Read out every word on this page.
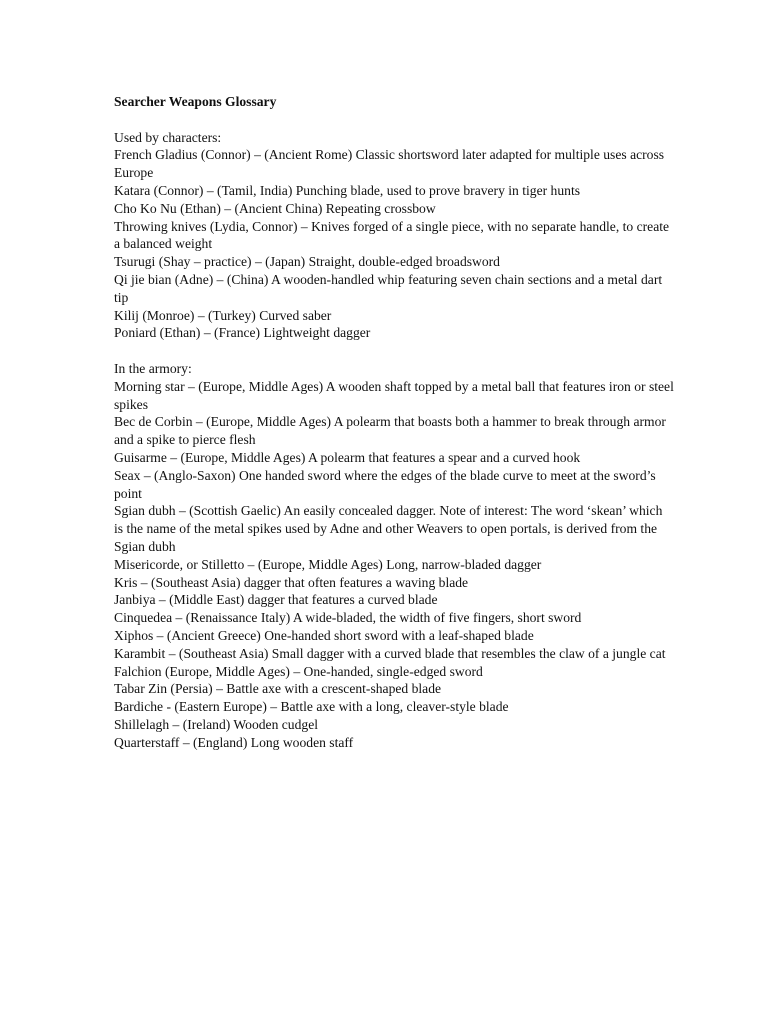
Searcher Weapons Glossary

Used by characters:

French Gladius (Connor) – (Ancient Rome) Classic shortsword later adapted for multiple uses across Europe

Katara (Connor) – (Tamil, India) Punching blade, used to prove bravery in tiger hunts

Cho Ko Nu (Ethan) – (Ancient China) Repeating crossbow

Throwing knives (Lydia, Connor) – Knives forged of a single piece, with no separate handle, to create a balanced weight

Tsurugi (Shay – practice) – (Japan) Straight, double-edged broadsword

Qi jie bian (Adne) – (China) A wooden-handled whip featuring seven chain sections and a metal dart tip

Kilij (Monroe) – (Turkey) Curved saber

Poniard (Ethan) – (France) Lightweight dagger

In the armory:

Morning star – (Europe, Middle Ages) A wooden shaft topped by a metal ball that features iron or steel spikes

Bec de Corbin – (Europe, Middle Ages) A polearm that boasts both a hammer to break through armor and a spike to pierce flesh

Guisarme – (Europe, Middle Ages) A polearm that features a spear and a curved hook

Seax – (Anglo-Saxon) One handed sword where the edges of the blade curve to meet at the sword’s point

Sgian dubh – (Scottish Gaelic) An easily concealed dagger. Note of interest: The word ‘skean’ which is the name of the metal spikes used by Adne and other Weavers to open portals, is derived from the Sgian dubh

Misericorde, or Stilletto – (Europe, Middle Ages) Long, narrow-bladed dagger

Kris – (Southeast Asia) dagger that often features a waving blade

Janbiya – (Middle East) dagger that features a curved blade

Cinquedea – (Renaissance Italy) A wide-bladed, the width of five fingers, short sword

Xiphos – (Ancient Greece) One-handed short sword with a leaf-shaped blade

Karambit – (Southeast Asia) Small dagger with a curved blade that resembles the claw of a jungle cat

Falchion (Europe, Middle Ages) – One-handed, single-edged sword

Tabar Zin (Persia) – Battle axe with a crescent-shaped blade

Bardiche - (Eastern Europe) – Battle axe with a long, cleaver-style blade

Shillelagh – (Ireland) Wooden cudgel

Quarterstaff – (England) Long wooden staff
